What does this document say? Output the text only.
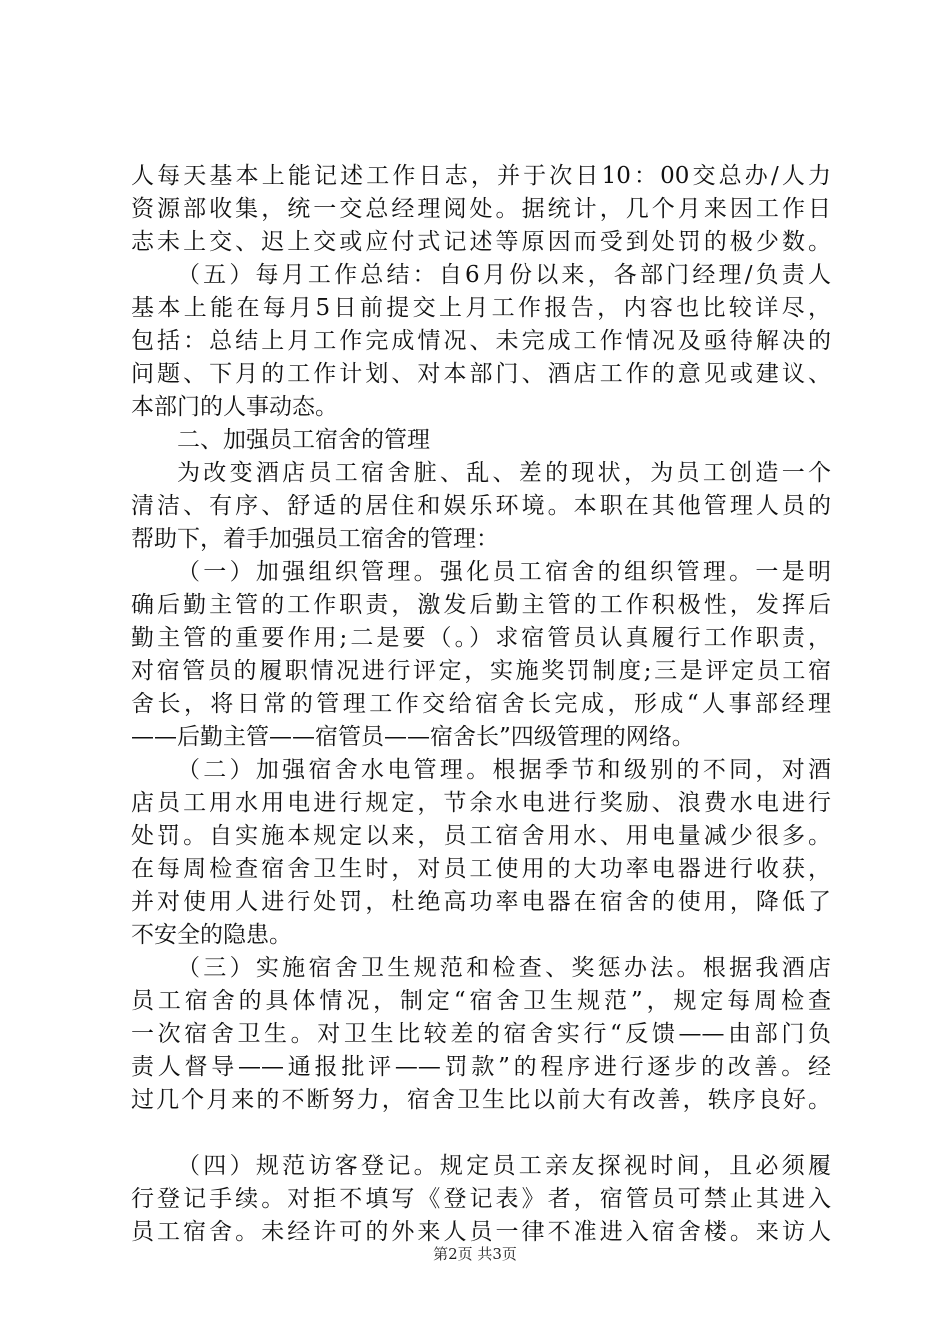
人每天基本上能记述工作日志，并于次日10：00交总办/人力
资源部收集，统一交总经理阅处。据统计，几个月来因工作日
志未上交、迟上交或应付式记述等原因而受到处罚的极少数。
（五）每月工作总结：自6月份以来，各部门经理/负责人
基本上能在每月5日前提交上月工作报告，内容也比较详尽，
包括：总结上月工作完成情况、未完成工作情况及亟待解决的
问题、下月的工作计划、对本部门、酒店工作的意见或建议、
本部门的人事动态。
二、加强员工宿舍的管理
为改变酒店员工宿舍脏、乱、差的现状，为员工创造一个
清洁、有序、舒适的居住和娱乐环境。本职在其他管理人员的
帮助下，着手加强员工宿舍的管理：
（一）加强组织管理。强化员工宿舍的组织管理。一是明
确后勤主管的工作职责，激发后勤主管的工作积极性，发挥后
勤主管的重要作用;二是要（。）求宿管员认真履行工作职责，
对宿管员的履职情况进行评定，实施奖罚制度;三是评定员工宿
舍长，将日常的管理工作交给宿舍长完成，形成“人事部经理
——后勤主管——宿管员——宿舍长”四级管理的网络。
（二）加强宿舍水电管理。根据季节和级别的不同，对酒
店员工用水用电进行规定，节余水电进行奖励、浪费水电进行
处罚。自实施本规定以来，员工宿舍用水、用电量减少很多。
在每周检查宿舍卫生时，对员工使用的大功率电器进行收获，
并对使用人进行处罚，杜绝高功率电器在宿舍的使用，降低了
不安全的隐患。
（三）实施宿舍卫生规范和检查、奖惩办法。根据我酒店
员工宿舍的具体情况，制定“宿舍卫生规范”，规定每周检查
一次宿舍卫生。对卫生比较差的宿舍实行“反馈——由部门负
责人督导——通报批评——罚款”的程序进行逐步的改善。经
过几个月来的不断努力，宿舍卫生比以前大有改善，轶序良好。
（四）规范访客登记。规定员工亲友探视时间，且必须履
行登记手续。对拒不填写《登记表》者，宿管员可禁止其进入
员工宿舍。未经许可的外来人员一律不准进入宿舍楼。来访人
第2页 共3页
